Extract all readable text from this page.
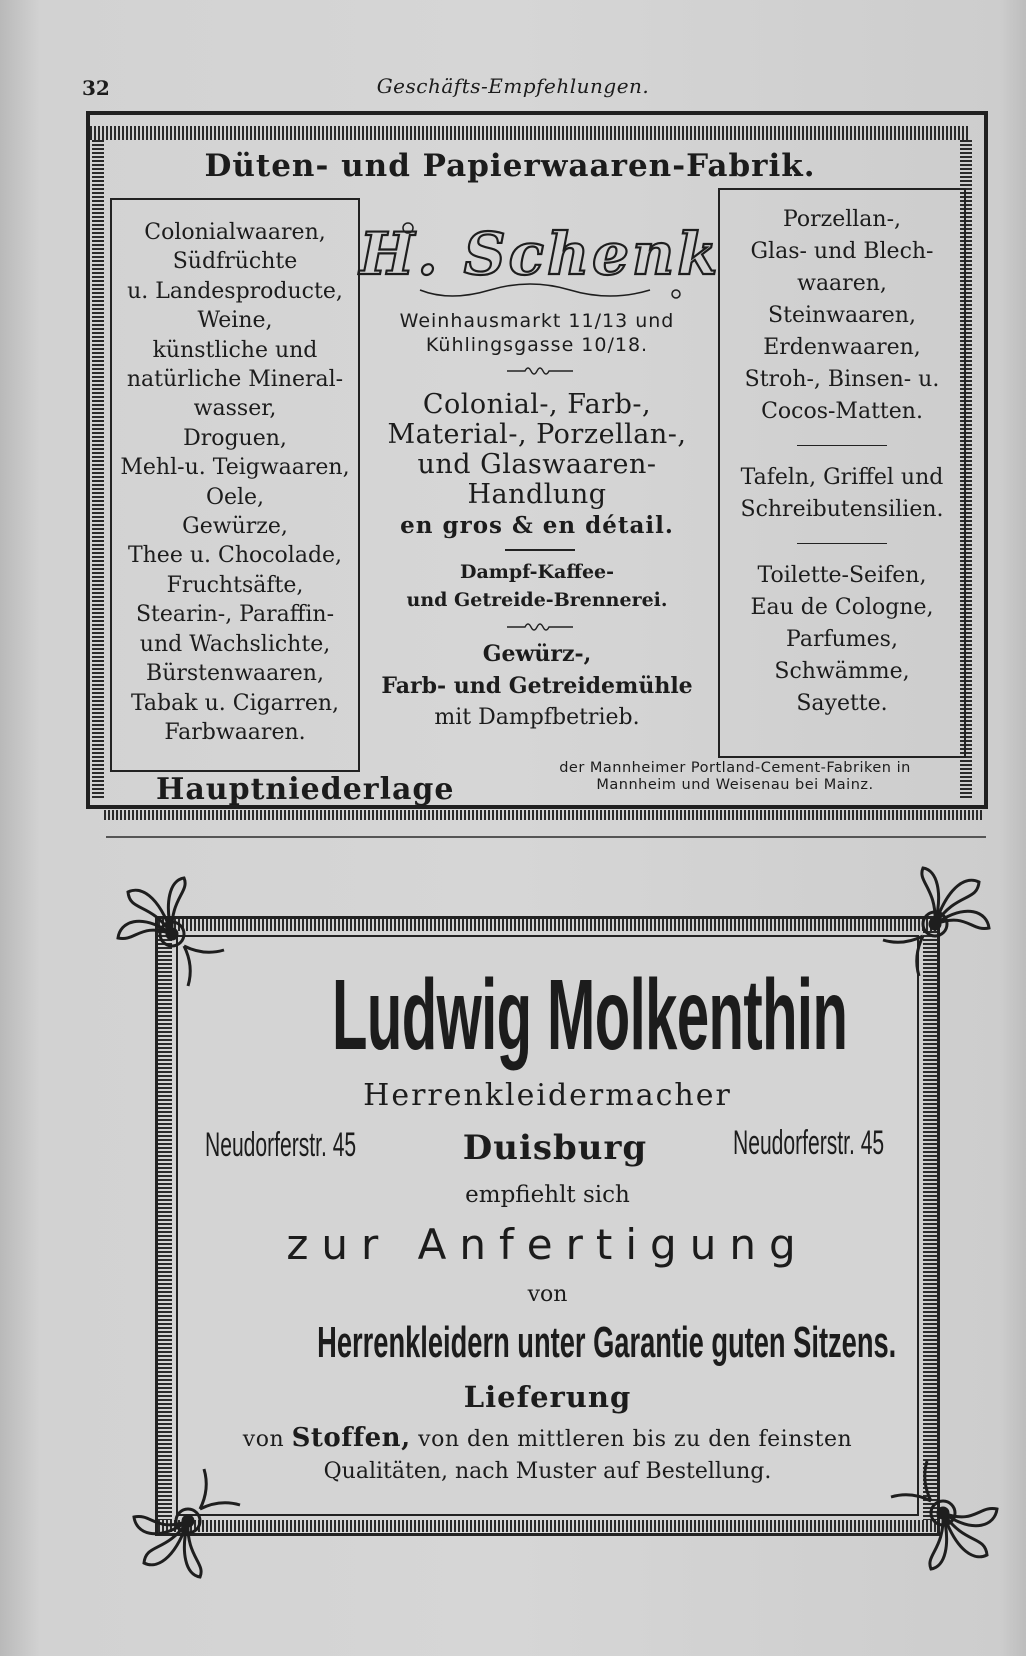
32	Geschäfts-Empfehlungen.
Düten- und Papierwaaren-Fabrik.
Colonialwaaren,
Südfrüchte
u. Landesproducte,
Weine,
künstliche und
natürliche Mineral-
wasser,
Droguen,
Mehl-u. Teigwaaren,
Oele,
Gewürze,
Thee u. Chocolade,
Fruchtsäfte,
Stearin-, Paraffin-
und Wachslichte,
Bürstenwaaren,
Tabak u. Cigarren,
Farbwaaren.
Porzellan-,
Glas- und Blech-
waaren,
Steinwaaren,
Erdenwaaren,
Stroh-, Binsen- u.
Cocos-Matten.
Tafeln, Griffel und
Schreibutensilien.
Toilette-Seifen,
Eau de Cologne,
Parfumes,
Schwämme,
Sayette.
H. Schenk
Weinhausmarkt 11/13 und
Kühlingsgasse 10/18.
Colonial-, Farb-,
Material-, Porzellan-,
und Glaswaaren-
Handlung
en gros & en détail.
Dampf-Kaffee-
und Getreide-Brennerei.
Gewürz-,
Farb- und Getreidemühle
mit Dampfbetrieb.
Hauptniederlage
der Mannheimer Portland-Cement-Fabriken in
Mannheim und Weisenau bei Mainz.
Ludwig Molkenthin
Herrenkleidermacher
Neudorferstr. 45	Duisburg	Neudorferstr. 45
empfiehlt sich
zur Anfertigung
von
Herrenkleidern unter Garantie guten Sitzens.
Lieferung
von Stoffen, von den mittleren bis zu den feinsten
Qualitäten, nach Muster auf Bestellung.
